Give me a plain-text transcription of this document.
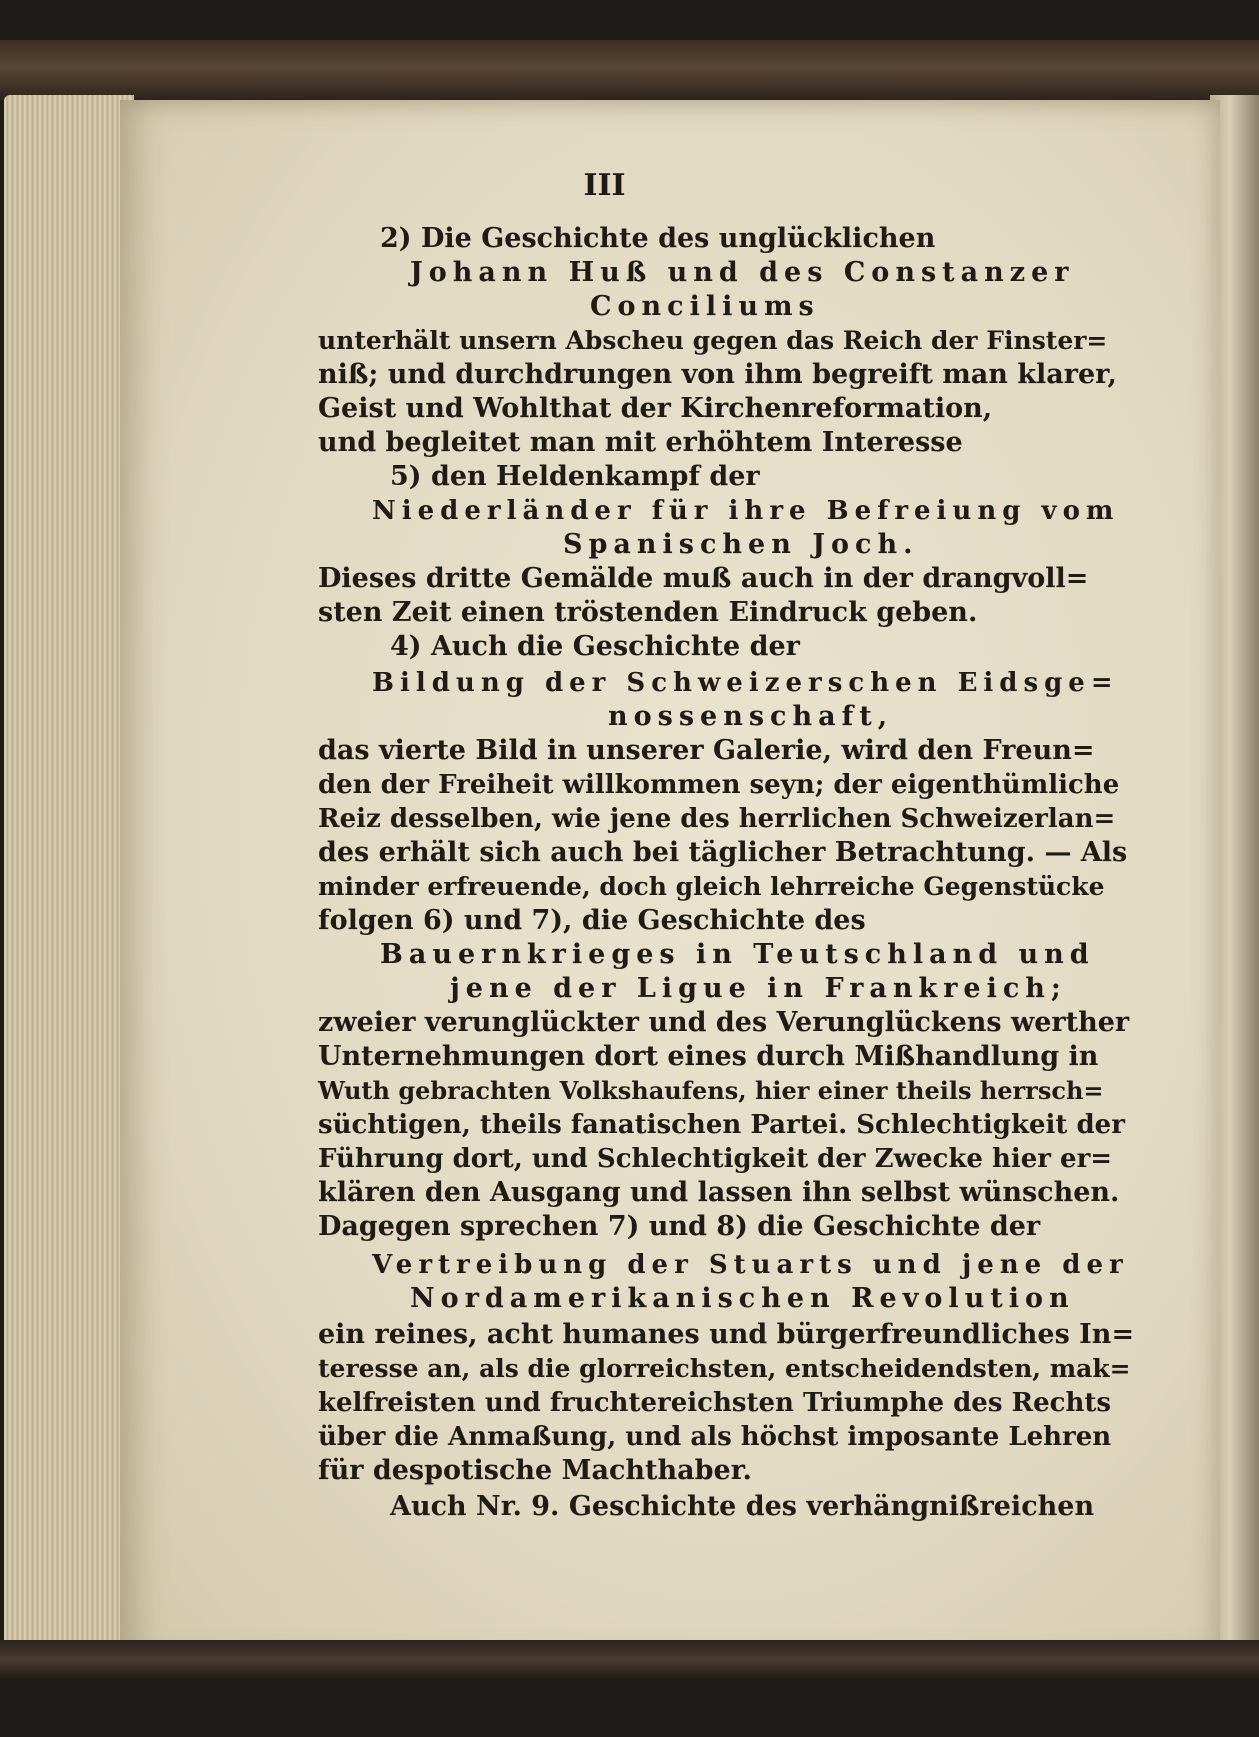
III
2) Die Geschichte des unglücklichen
Johann Huß und des Constanzer
Conciliums
unterhält unsern Abscheu gegen das Reich der Finster=
niß; und durchdrungen von ihm begreift man klarer,
Geist und Wohlthat der Kirchenreformation,
und begleitet man mit erhöhtem Interesse
5) den Heldenkampf der
Niederländer für ihre Befreiung vom
Spanischen Joch.
Dieses dritte Gemälde muß auch in der drangvoll=
sten Zeit einen tröstenden Eindruck geben.
4) Auch die Geschichte der
Bildung der Schweizerschen Eidsge=
nossenschaft,
das vierte Bild in unserer Galerie, wird den Freun=
den der Freiheit willkommen seyn; der eigenthümliche
Reiz desselben, wie jene des herrlichen Schweizerlan=
des erhält sich auch bei täglicher Betrachtung. — Als
minder erfreuende, doch gleich lehrreiche Gegenstücke
folgen 6) und 7), die Geschichte des
Bauernkrieges in Teutschland und
jene der Ligue in Frankreich;
zweier verunglückter und des Verunglückens werther
Unternehmungen dort eines durch Mißhandlung in
Wuth gebrachten Volkshaufens, hier einer theils herrsch=
süchtigen, theils fanatischen Partei. Schlechtigkeit der
Führung dort, und Schlechtigkeit der Zwecke hier er=
klären den Ausgang und lassen ihn selbst wünschen.
Dagegen sprechen 7) und 8) die Geschichte der
Vertreibung der Stuarts und jene der
Nordamerikanischen Revolution
ein reines, acht humanes und bürgerfreundliches In=
teresse an, als die glorreichsten, entscheidendsten, mak=
kelfreisten und fruchtereichsten Triumphe des Rechts
über die Anmaßung, und als höchst imposante Lehren
für despotische Machthaber.
Auch Nr. 9. Geschichte des verhängnißreichen
